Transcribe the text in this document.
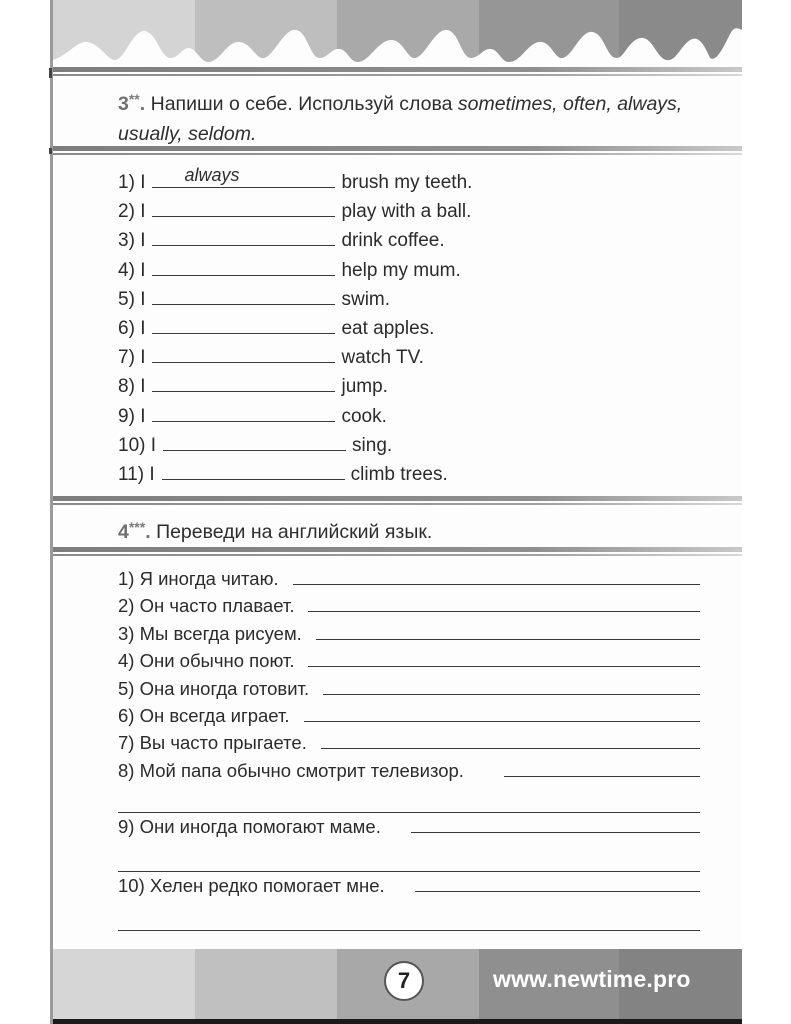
3**. Напиши о себе. Используй слова sometimes, often, always, usually, seldom.
1)
I always	brush my teeth.
2)
I	play with a ball.
3)
I	drink coffee.
4)
I	help my mum.
5)
I	swim.
6)
I	eat apples.
7)
I	watch TV.
8)
I	jump.
9)
I	cook.
10)
I	sing.
11)
I	climb trees.
4***. Переведи на английский язык.
1)
Я иногда читаю.
2)
Он часто плавает.
3)
Мы всегда рисуем.
4)
Они обычно поют.
5)
Она иногда готовит.
6)
Он всегда играет.
7)
Вы часто прыгаете.
8)
Мой папа обычно смотрит телевизор.
9)
Они иногда помогают маме.
10)
Хелен редко помогает мне.
7	www.newtime.pro
